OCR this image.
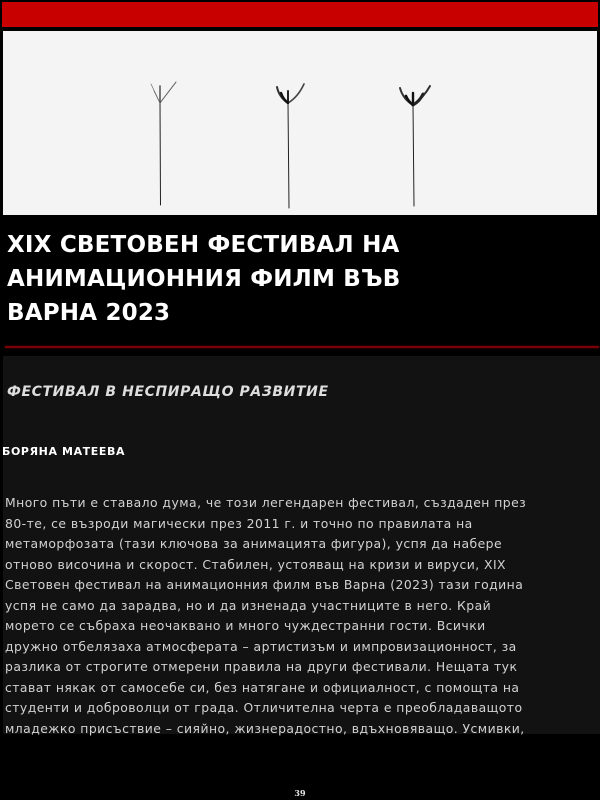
XIX СВЕТОВЕН ФЕСТИВАЛ НА
АНИМАЦИОННИЯ ФИЛМ ВЪВ
ВАРНА 2023
ФЕСТИВАЛ В НЕСПИРАЩО РАЗВИТИЕ
БОРЯНА МАТЕЕВА

Много пъти е ставало дума, че този легендарен фестивал, създаден през
80-те, се възроди магически през 2011 г. и точно по правилата на
метаморфозата (тази ключова за анимацията фигура), успя да набере
отново височина и скорост. Стабилен, устояващ на кризи и вируси, XIX
Световен фестивал на анимационния филм във Варна (2023) тази година
успя не само да зарадва, но и да изненада участниците в него. Край
морето се събраха неочаквано и много чуждестранни гости. Всички
дружно отбелязаха атмосферата – артистизъм и импровизационност, за
разлика от строгите отмерени правила на други фестивали. Нещата тук
стават някак от самосебе си, без натягане и официалност, с помощта на
студенти и доброволци от града. Отличителна черта е преобладаващото
младежко присъствие – сияйно, жизнерадостно, вдъхновяващо. Усмивки,

39
